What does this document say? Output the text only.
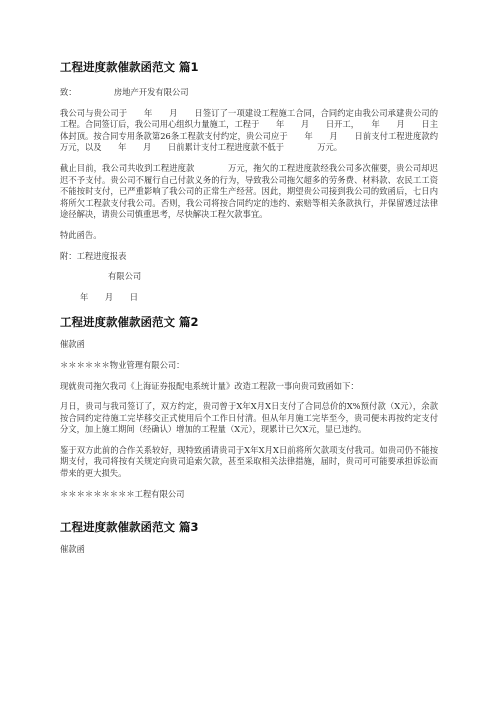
工程进度款催款函范文 篇1

致：　　　　　房地产开发有限公司

我公司与贵公司于　　年　　月　　日签订了一项建设工程施工合同，合同约定由我公司承建贵公司的　　　　　工程。合同签订后，我公司用心组织力量施工，工程于　　年　　月　　日开工，　　年　　月　　日主体封顶。按合同专用条款第26条工程款支付约定，贵公司应于　　年　　月　　日前支付工程进度款约　　　　万元，以及　　年　　月　　日前累计支付工程进度款不低于　　　　万元。

截止目前，我公司共收到工程进度款　　　　万元，拖欠的工程进度款经我公司多次催要，贵公司却迟迟不予支付。贵公司不履行自己付款义务的行为，导致我公司拖欠超多的劳务费、材料款、农民工工资不能按时支付，已严重影响了我公司的正常生产经营。因此，期望贵公司接到我公司的致函后，七日内将所欠工程款支付我公司。否则，我公司将按合同约定的违约、索赔等相关条款执行，并保留透过法律途径解决，请贵公司慎重思考，尽快解决工程欠款事宜。

特此函告。

附：工程进度报表

有限公司

年　　月　　日

工程进度款催款函范文 篇2

催款函

＊＊＊＊＊＊物业管理有限公司：

现就贵司拖欠我司《上海证券报配电系统计量》改造工程款一事向贵司致函如下：

月日，贵司与我司签订了，双方约定，贵司曾于X年X月X日支付了合同总价的X%预付款（X元），余款按合同约定待施工完毕移交正式使用后个工作日付清。但从年月施工完毕至今，贵司便未再按约定支付分文，加上施工期间（经确认）增加的工程量（X元），现累计已欠X元，显已违约。

鉴于双方此前的合作关系较好，现特致函请贵司于X年X月X日前将所欠款项支付我司。如贵司仍不能按期支付，我司将按有关规定向贵司追索欠款，甚至采取相关法律措施，届时，贵司可可能要承担诉讼而带来的更大损失。

＊＊＊＊＊＊＊＊＊工程有限公司

工程进度款催款函范文 篇3

催款函
